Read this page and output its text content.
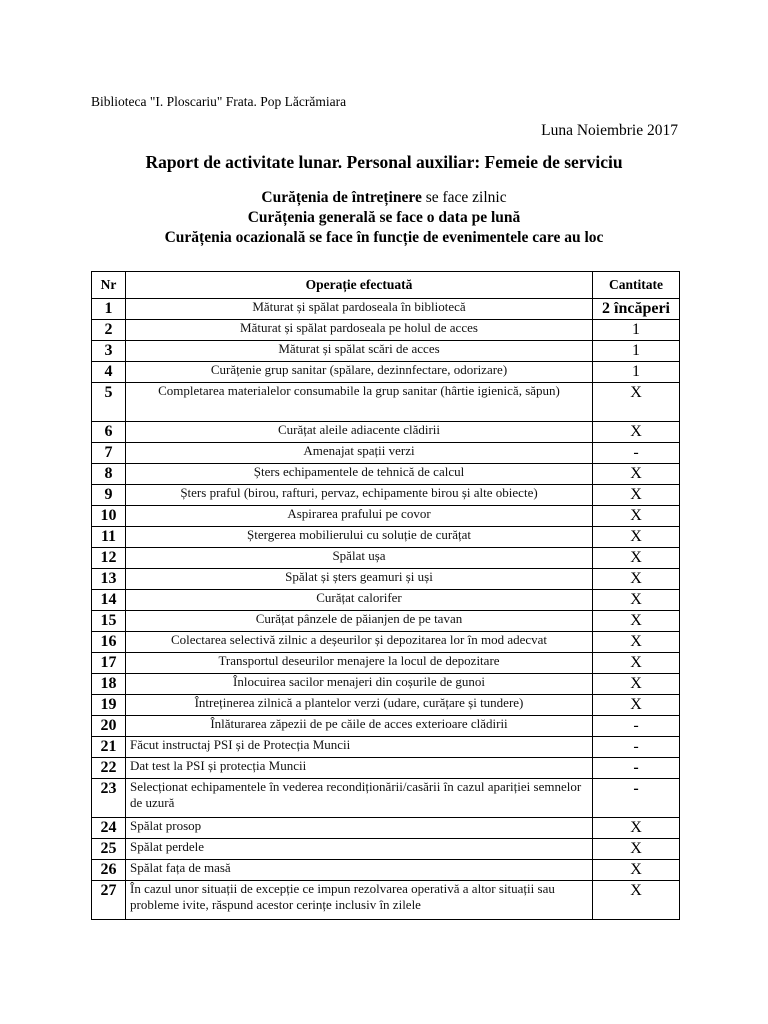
Biblioteca "I. Ploscariu" Frata. Pop Lăcrămiara
Luna Noiembrie 2017
Raport de activitate lunar. Personal auxiliar: Femeie de serviciu
Curățenia de întreținere se face zilnic
Curățenia generală se face o data pe lună
Curățenia ocazională se face în funcție de evenimentele care au loc
Nr	Operație efectuată	Cantitate
1	Măturat și spălat pardoseala în bibliotecă	2 încăperi
2	Măturat și spălat pardoseala pe holul de acces	1
3	Măturat și spălat scări de acces	1
4	Curățenie grup sanitar (spălare, dezinnfectare, odorizare)	1
5	Completarea materialelor consumabile la grup sanitar (hârtie igienică, săpun)	X
6	Curățat aleile adiacente clădirii	X
7	Amenajat spații verzi	-
8	Șters echipamentele de tehnică de calcul	X
9	Șters praful (birou, rafturi, pervaz, echipamente birou și alte obiecte)	X
10	Aspirarea prafului pe covor	X
11	Ștergerea mobilierului cu soluție de curățat	X
12	Spălat ușa	X
13	Spălat și șters geamuri și uși	X
14	Curățat calorifer	X
15	Curățat pânzele de păianjen de pe tavan	X
16	Colectarea selectivă zilnic a deșeurilor și depozitarea lor în mod adecvat	X
17	Transportul deseurilor menajere la locul de depozitare	X
18	Înlocuirea sacilor menajeri din coșurile de gunoi	X
19	Întreținerea zilnică a plantelor verzi (udare, curățare și tundere)	X
20	Înlăturarea zăpezii de pe căile de acces exterioare clădirii	-
21	Făcut instructaj PSI și de Protecția Muncii	-
22	Dat test la PSI și protecția Muncii	-
23	Selecționat echipamentele în vederea recondiționării/casării în cazul apariției semnelor de uzură	-
24	Spălat prosop	X
25	Spălat perdele	X
26	Spălat fața de masă	X
27	În cazul unor situații de excepție ce impun rezolvarea operativă a altor situații sau probleme ivite, răspund acestor cerințe inclusiv în zilele	X
